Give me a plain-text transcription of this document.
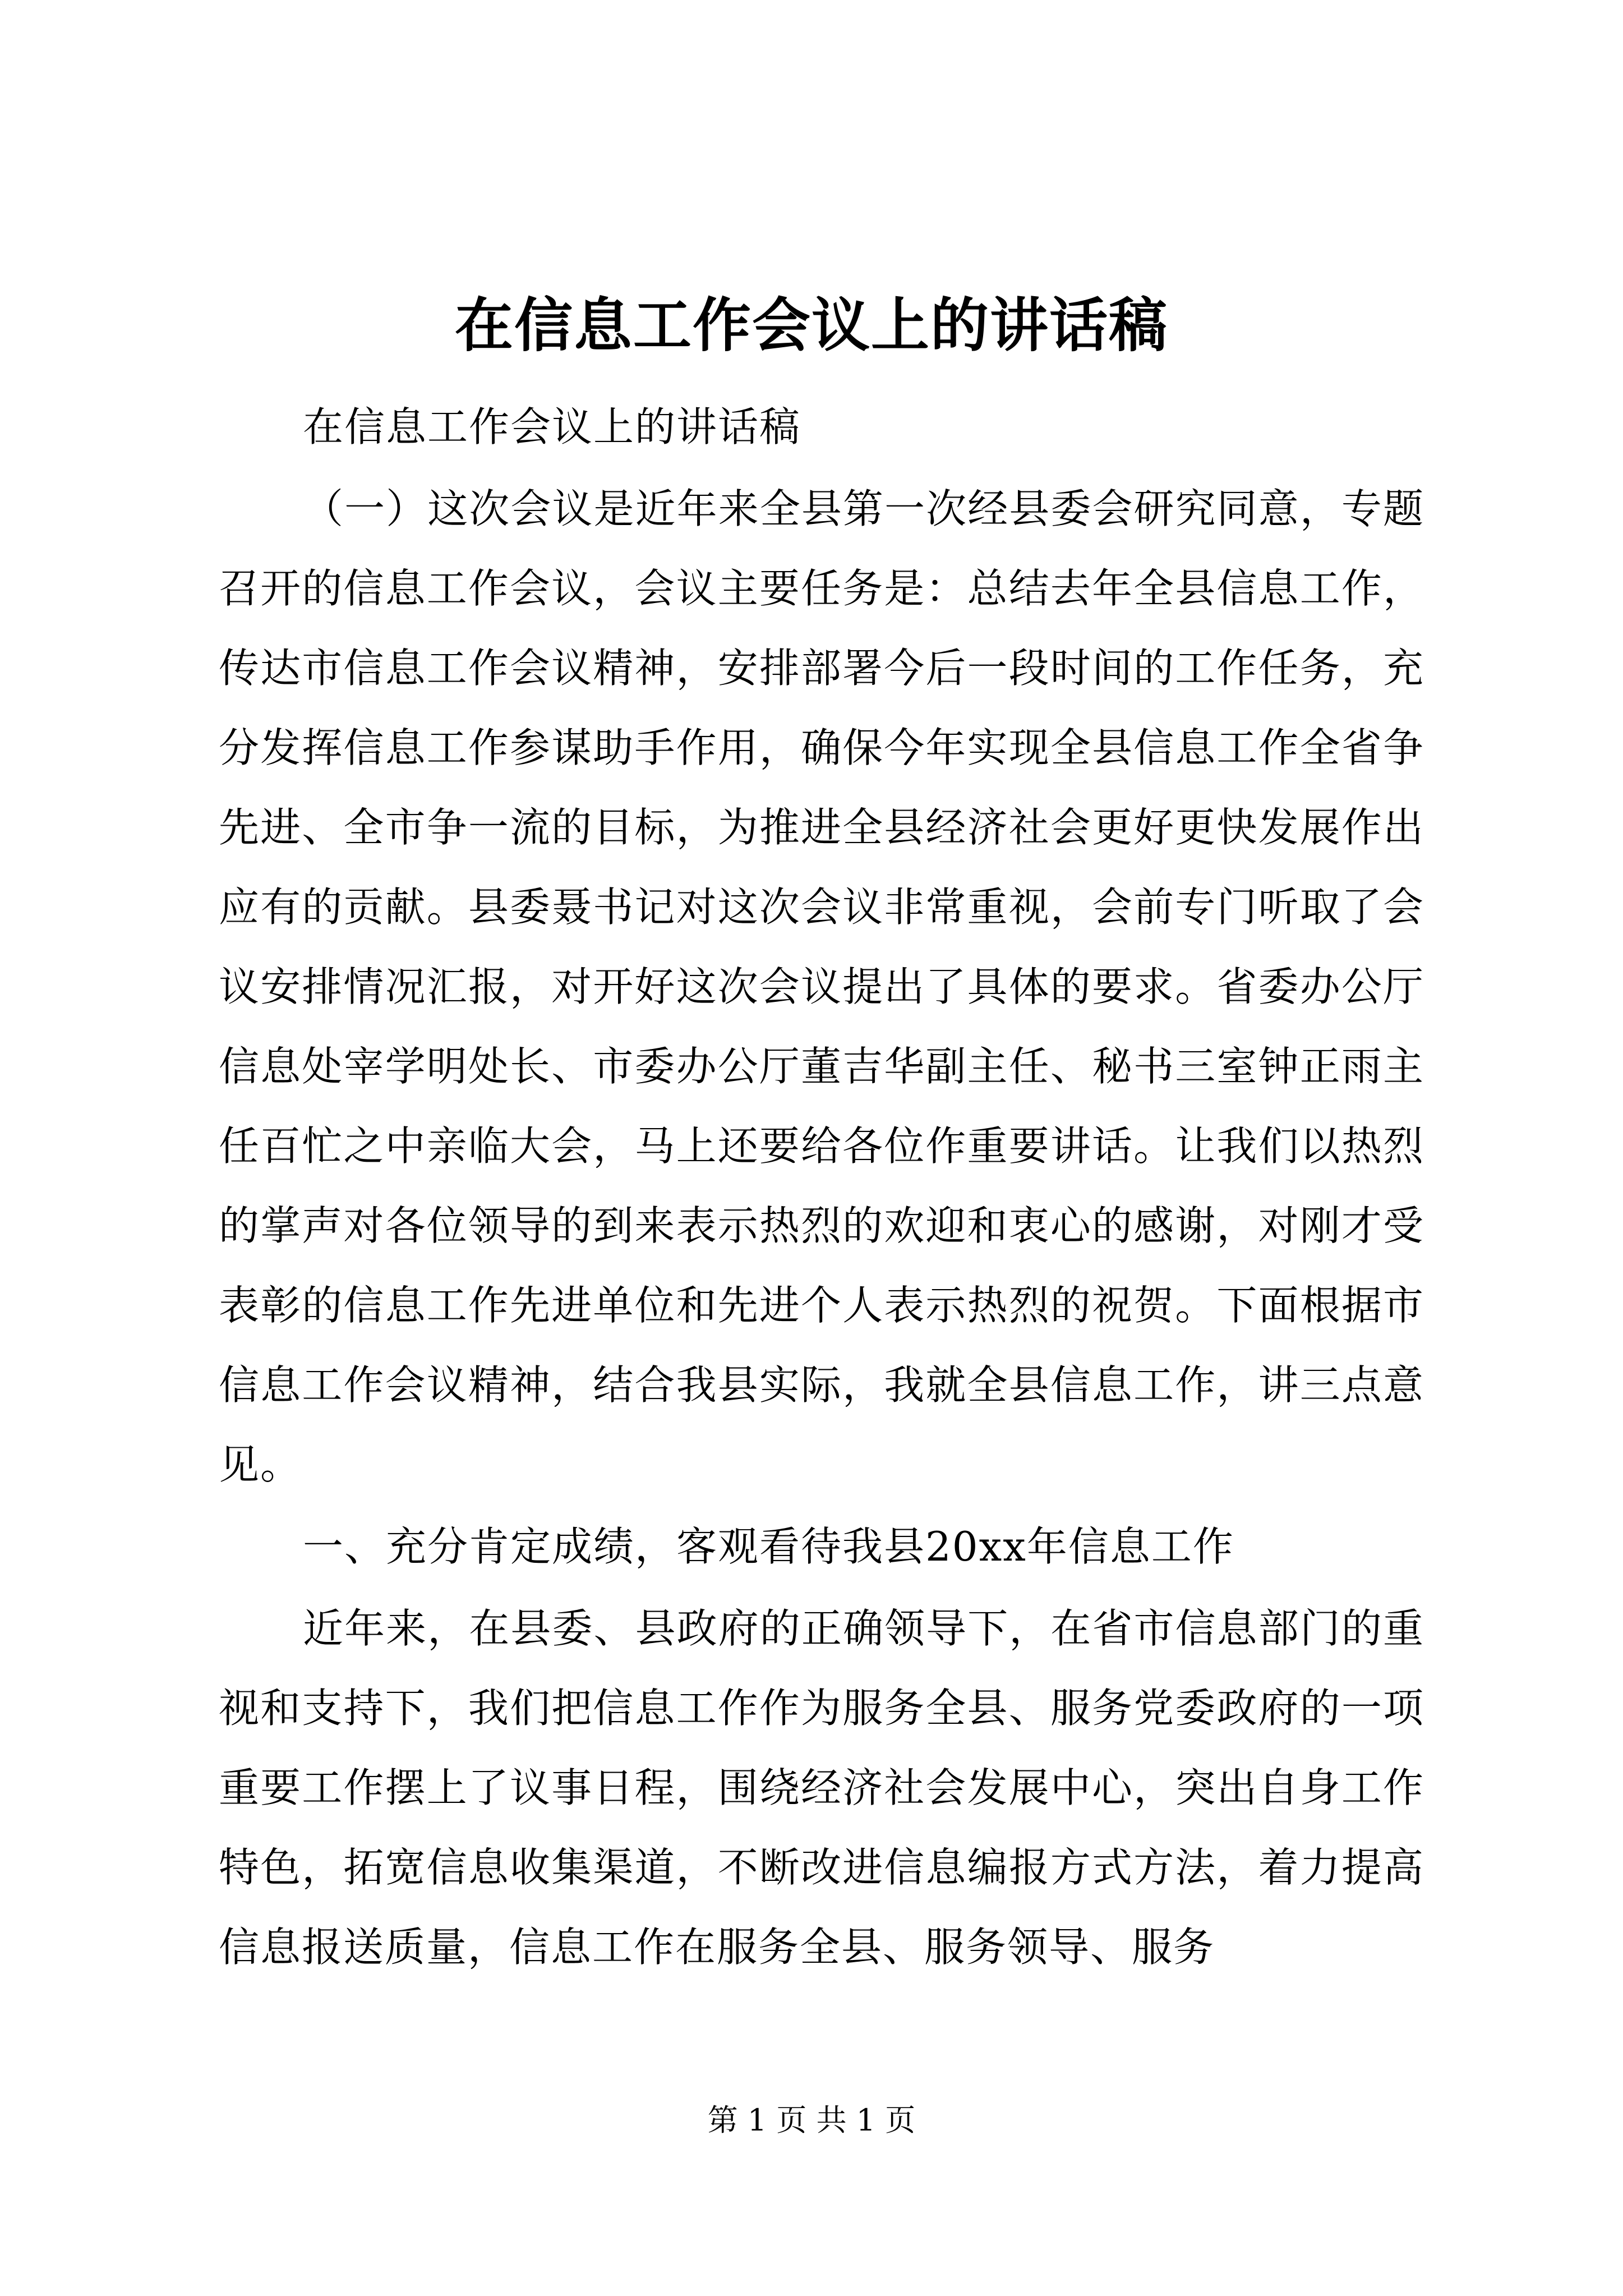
在信息工作会议上的讲话稿

在信息工作会议上的讲话稿

（一）这次会议是近年来全县第一次经县委会研究同意，专题召开的信息工作会议，会议主要任务是：总结去年全县信息工作，传达市信息工作会议精神，安排部署今后一段时间的工作任务，充分发挥信息工作参谋助手作用，确保今年实现全县信息工作全省争先进、全市争一流的目标，为推进全县经济社会更好更快发展作出应有的贡献。县委聂书记对这次会议非常重视，会前专门听取了会议安排情况汇报，对开好这次会议提出了具体的要求。省委办公厅信息处宰学明处长、市委办公厅董吉华副主任、秘书三室钟正雨主任百忙之中亲临大会，马上还要给各位作重要讲话。让我们以热烈的掌声对各位领导的到来表示热烈的欢迎和衷心的感谢，对刚才受表彰的信息工作先进单位和先进个人表示热烈的祝贺。下面根据市信息工作会议精神，结合我县实际，我就全县信息工作，讲三点意见。

一、充分肯定成绩，客观看待我县20xx年信息工作

近年来，在县委、县政府的正确领导下，在省市信息部门的重视和支持下，我们把信息工作作为服务全县、服务党委政府的一项重要工作摆上了议事日程，围绕经济社会发展中心，突出自身工作特色，拓宽信息收集渠道，不断改进信息编报方式方法，着力提高信息报送质量，信息工作在服务全县、服务领导、服务

第 1 页 共 1 页
